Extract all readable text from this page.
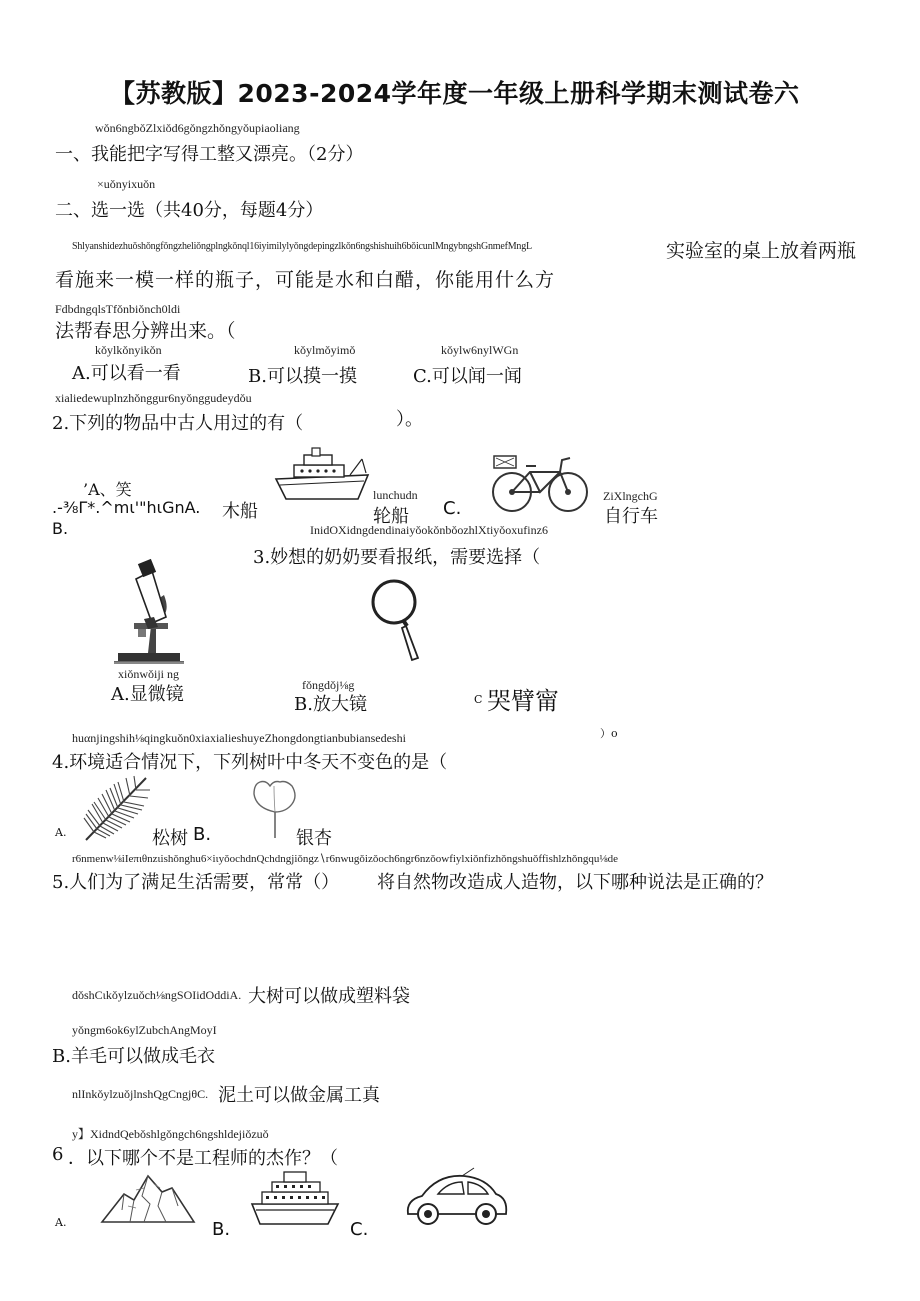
【苏教版】2023-2024学年度一年级上册科学期末测试卷六
wǒn6ngbǒZlxiǒd6gǒngzhǒngyǒupiaoliang
一、我能把字写得工整又漂亮。（2分）
×uǒnyixuǒn
二、选一选（共40分，每题4分）
Shlyanshidezhuǒshǒngfǒngzheliǒngplngkǒnql16iyimilylyǒngdepingzlkǒn6ngshishuih6bǒicunlMngybngshGnmefMngL	实验室的桌上放着两瓶
看施来一模一样的瓶子，可能是水和白醋，你能用什么方
FdbdngqlsTfǒnbiǒnch0ldi
法帮春思分辨出来。（
kǒylkǒnyikǒn
A.可以看一看
kǒylmǒyimǒ
B.可以摸一摸
kǒylw6nylWGn
C.可以闻一闻
xialiedewuplnzhǒnggur6nyǒnggudeydǒu
2.下列的物品中古人用过的有（	）。
’A、笑
.-⅜Γ*.^mι'"hιGnA. 木船
B.
lunchudn
轮船 C.
ZiXlngchG
自行车
InidOXidngdendinaiyǒokǒnbǒozhlXtiyǒoxufinz6
3.妙想的奶奶要看报纸，需要选择（
xiǒnwǒiji ng
A.显微镜	fǒngdǒj⅛g
B.放大镜	C 哭臂甯
）o
huαnjingshih⅛qingkuǒn0xiaxialieshuyeZhongdongtianbubiansedeshi
4.环境适合情况下，下列树叶中冬天不变色的是（
A.	松树 B.	银杏
r6nmenw⅛iIeπιθnzιishǒnghu6×iιyǒochdnQchdngjiǒngz∖r6nwugǒizǒoch6ngr6nzǒowfiylxiǒnfizhǒngshuǒffishlzhǒngqu⅛de
5.人们为了满足生活需要，常常（） 将自然物改造成人造物，以下哪种说法是正确的？
dǒshCιkǒylzuǒch⅛ngSOIidOddiA. 大树可以做成塑料袋
yǒngm6ok6ylZubchAngMoyI
B.羊毛可以做成毛衣
nlInkǒylzuǒjlnshQgCngjθC. 泥土可以做金属工真
y】XidndQebǒshlgǒngch6ngshldejiǒzuǒ
6 ．以下哪个不是工程师的杰作？（
A.	B.	C.
